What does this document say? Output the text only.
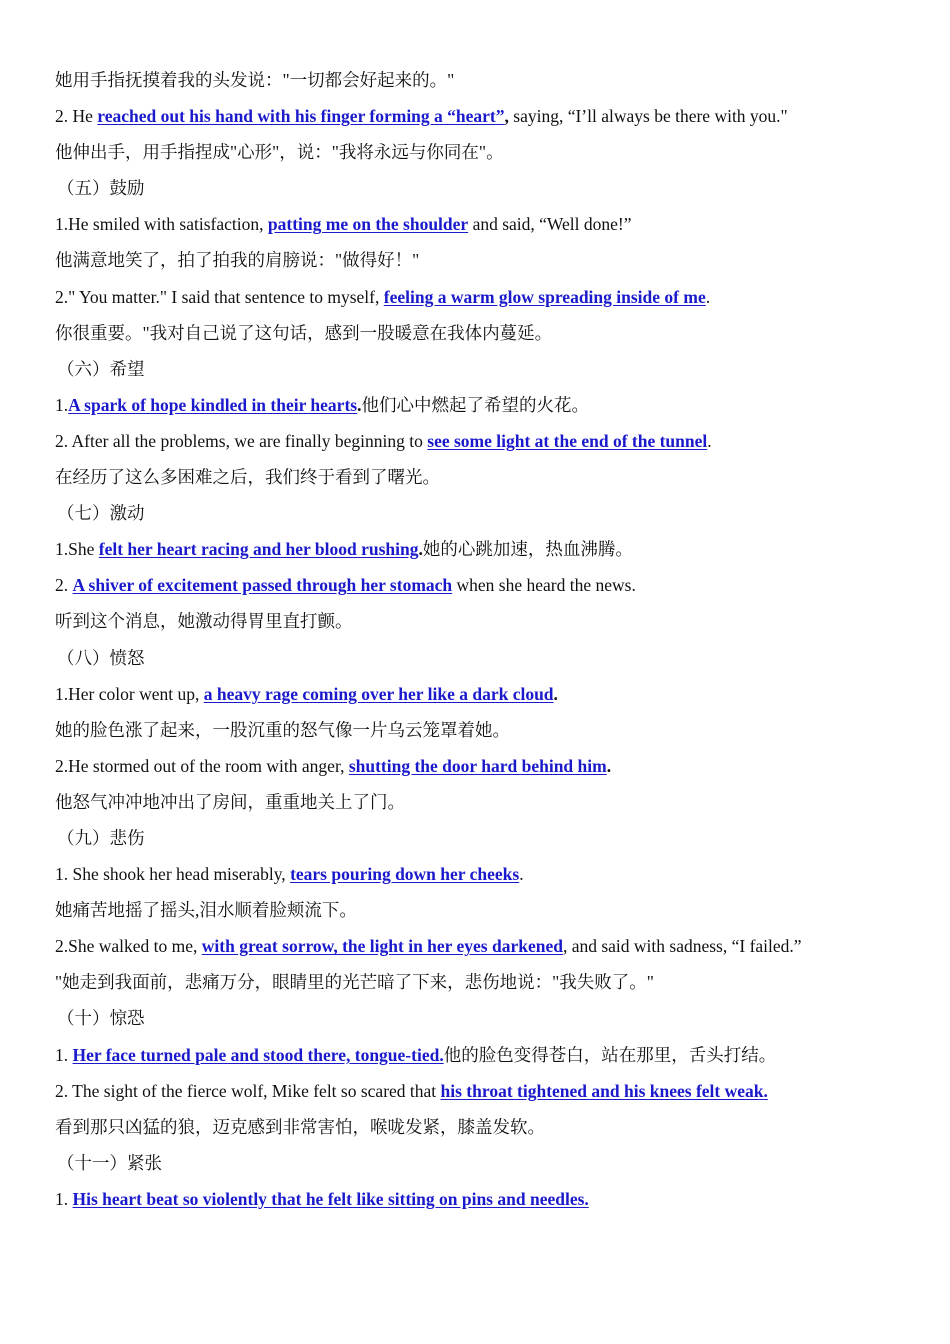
她用手指抚摸着我的头发说："一切都会好起来的。"
2. He reached out his hand with his finger forming a “heart”, saying, “I’ll always be there with you."
他伸出手，用手指捏成"心形"，说："我将永远与你同在"。
（五）鼓励
1.He smiled with satisfaction, patting me on the shoulder and said, “Well done!”
他满意地笑了，拍了拍我的肩膀说："做得好！"
2." You matter." I said that sentence to myself, feeling a warm glow spreading inside of me.
你很重要。"我对自己说了这句话，感到一股暖意在我体内蔓延。
（六）希望
1.A spark of hope kindled in their hearts.他们心中燃起了希望的火花。
2. After all the problems, we are finally beginning to see some light at the end of the tunnel.
在经历了这么多困难之后，我们终于看到了曙光。
（七）激动
1.She felt her heart racing and her blood rushing.她的心跳加速，热血沸腾。
2. A shiver of excitement passed through her stomach when she heard the news.
听到这个消息，她激动得胃里直打颤。
（八）愤怒
1.Her color went up, a heavy rage coming over her like a dark cloud.
她的脸色涨了起来，一股沉重的怒气像一片乌云笼罩着她。
2.He stormed out of the room with anger, shutting the door hard behind him.
他怒气冲冲地冲出了房间，重重地关上了门。
（九）悲伤
1. She shook her head miserably, tears pouring down her cheeks.
她痛苦地摇了摇头,泪水顺着脸颊流下。
2.She walked to me, with great sorrow, the light in her eyes darkened, and said with sadness, “I failed.”
"她走到我面前，悲痛万分，眼睛里的光芒暗了下来，悲伤地说："我失败了。"
（十）惊恐
1. Her face turned pale and stood there, tongue-tied.他的脸色变得苍白，站在那里，舌头打结。
2. The sight of the fierce wolf, Mike felt so scared that his throat tightened and his knees felt weak.
看到那只凶猛的狼，迈克感到非常害怕，喉咙发紧，膝盖发软。
（十一）紧张
1. His heart beat so violently that he felt like sitting on pins and needles.
